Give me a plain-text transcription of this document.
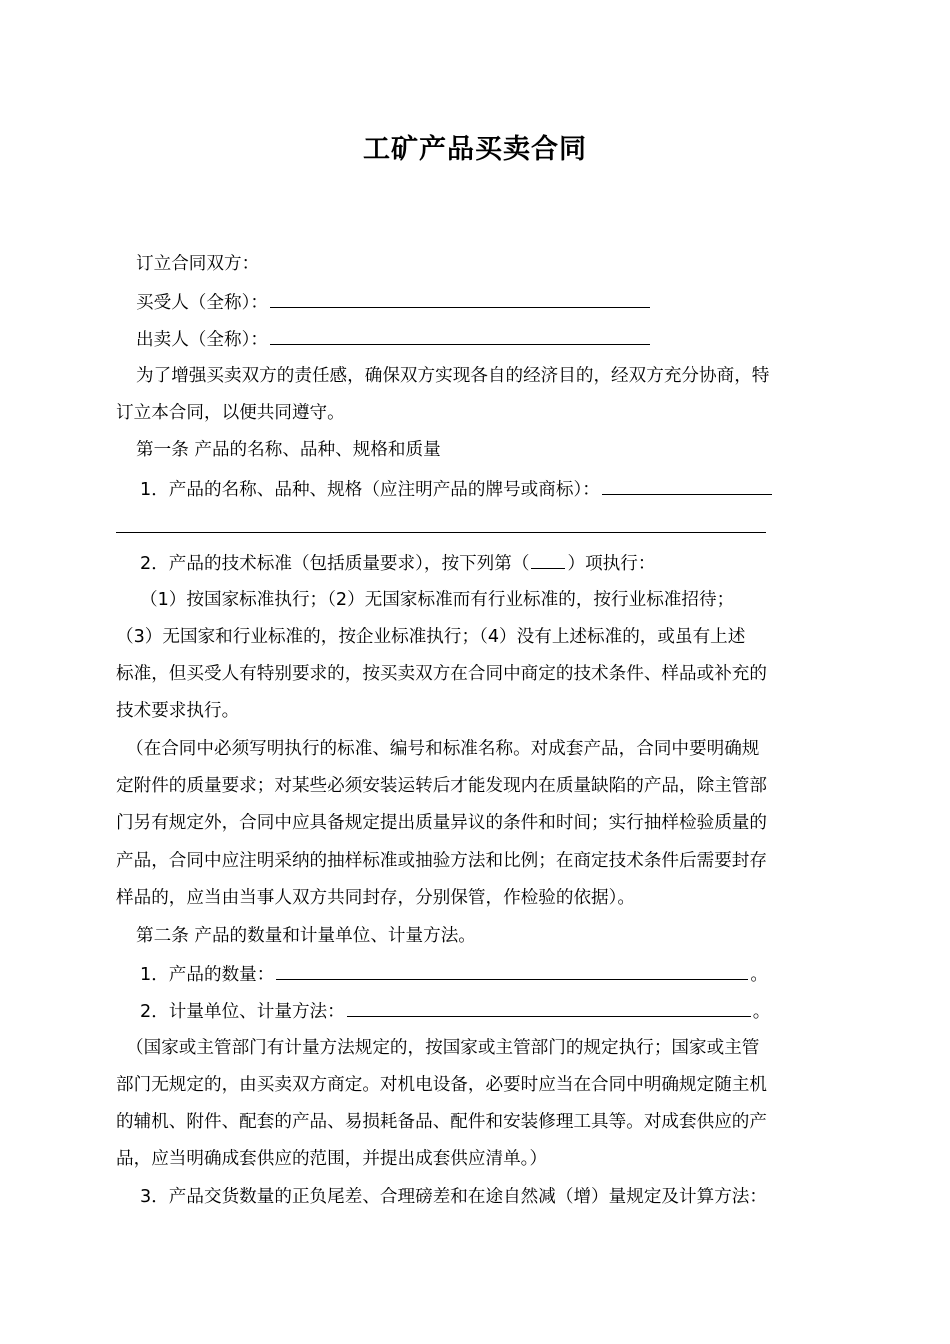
工矿产品买卖合同
订立合同双方：
买受人（全称）：
出卖人（全称）：
为了增强买卖双方的责任感，确保双方实现各自的经济目的，经双方充分协商，特
订立本合同，以便共同遵守。
第一条 产品的名称、品种、规格和质量
1．产品的名称、品种、规格（应注明产品的牌号或商标）：
2．产品的技术标准（包括质量要求），按下列第（ ）项执行：
（1）按国家标准执行；（2）无国家标准而有行业标准的，按行业标准招待；
（3）无国家和行业标准的，按企业标准执行；（4）没有上述标准的，或虽有上述
标准，但买受人有特别要求的，按买卖双方在合同中商定的技术条件、样品或补充的
技术要求执行。
（在合同中必须写明执行的标准、编号和标准名称。对成套产品，合同中要明确规
定附件的质量要求；对某些必须安装运转后才能发现内在质量缺陷的产品，除主管部
门另有规定外，合同中应具备规定提出质量异议的条件和时间；实行抽样检验质量的
产品，合同中应注明采纳的抽样标准或抽验方法和比例；在商定技术条件后需要封存
样品的，应当由当事人双方共同封存，分别保管，作检验的依据）。
第二条 产品的数量和计量单位、计量方法。
1．产品的数量：	。
2．计量单位、计量方法：	。
（国家或主管部门有计量方法规定的，按国家或主管部门的规定执行；国家或主管
部门无规定的，由买卖双方商定。对机电设备，必要时应当在合同中明确规定随主机
的辅机、附件、配套的产品、易损耗备品、配件和安装修理工具等。对成套供应的产
品，应当明确成套供应的范围，并提出成套供应清单。）
3．产品交货数量的正负尾差、合理磅差和在途自然减（增）量规定及计算方法：
